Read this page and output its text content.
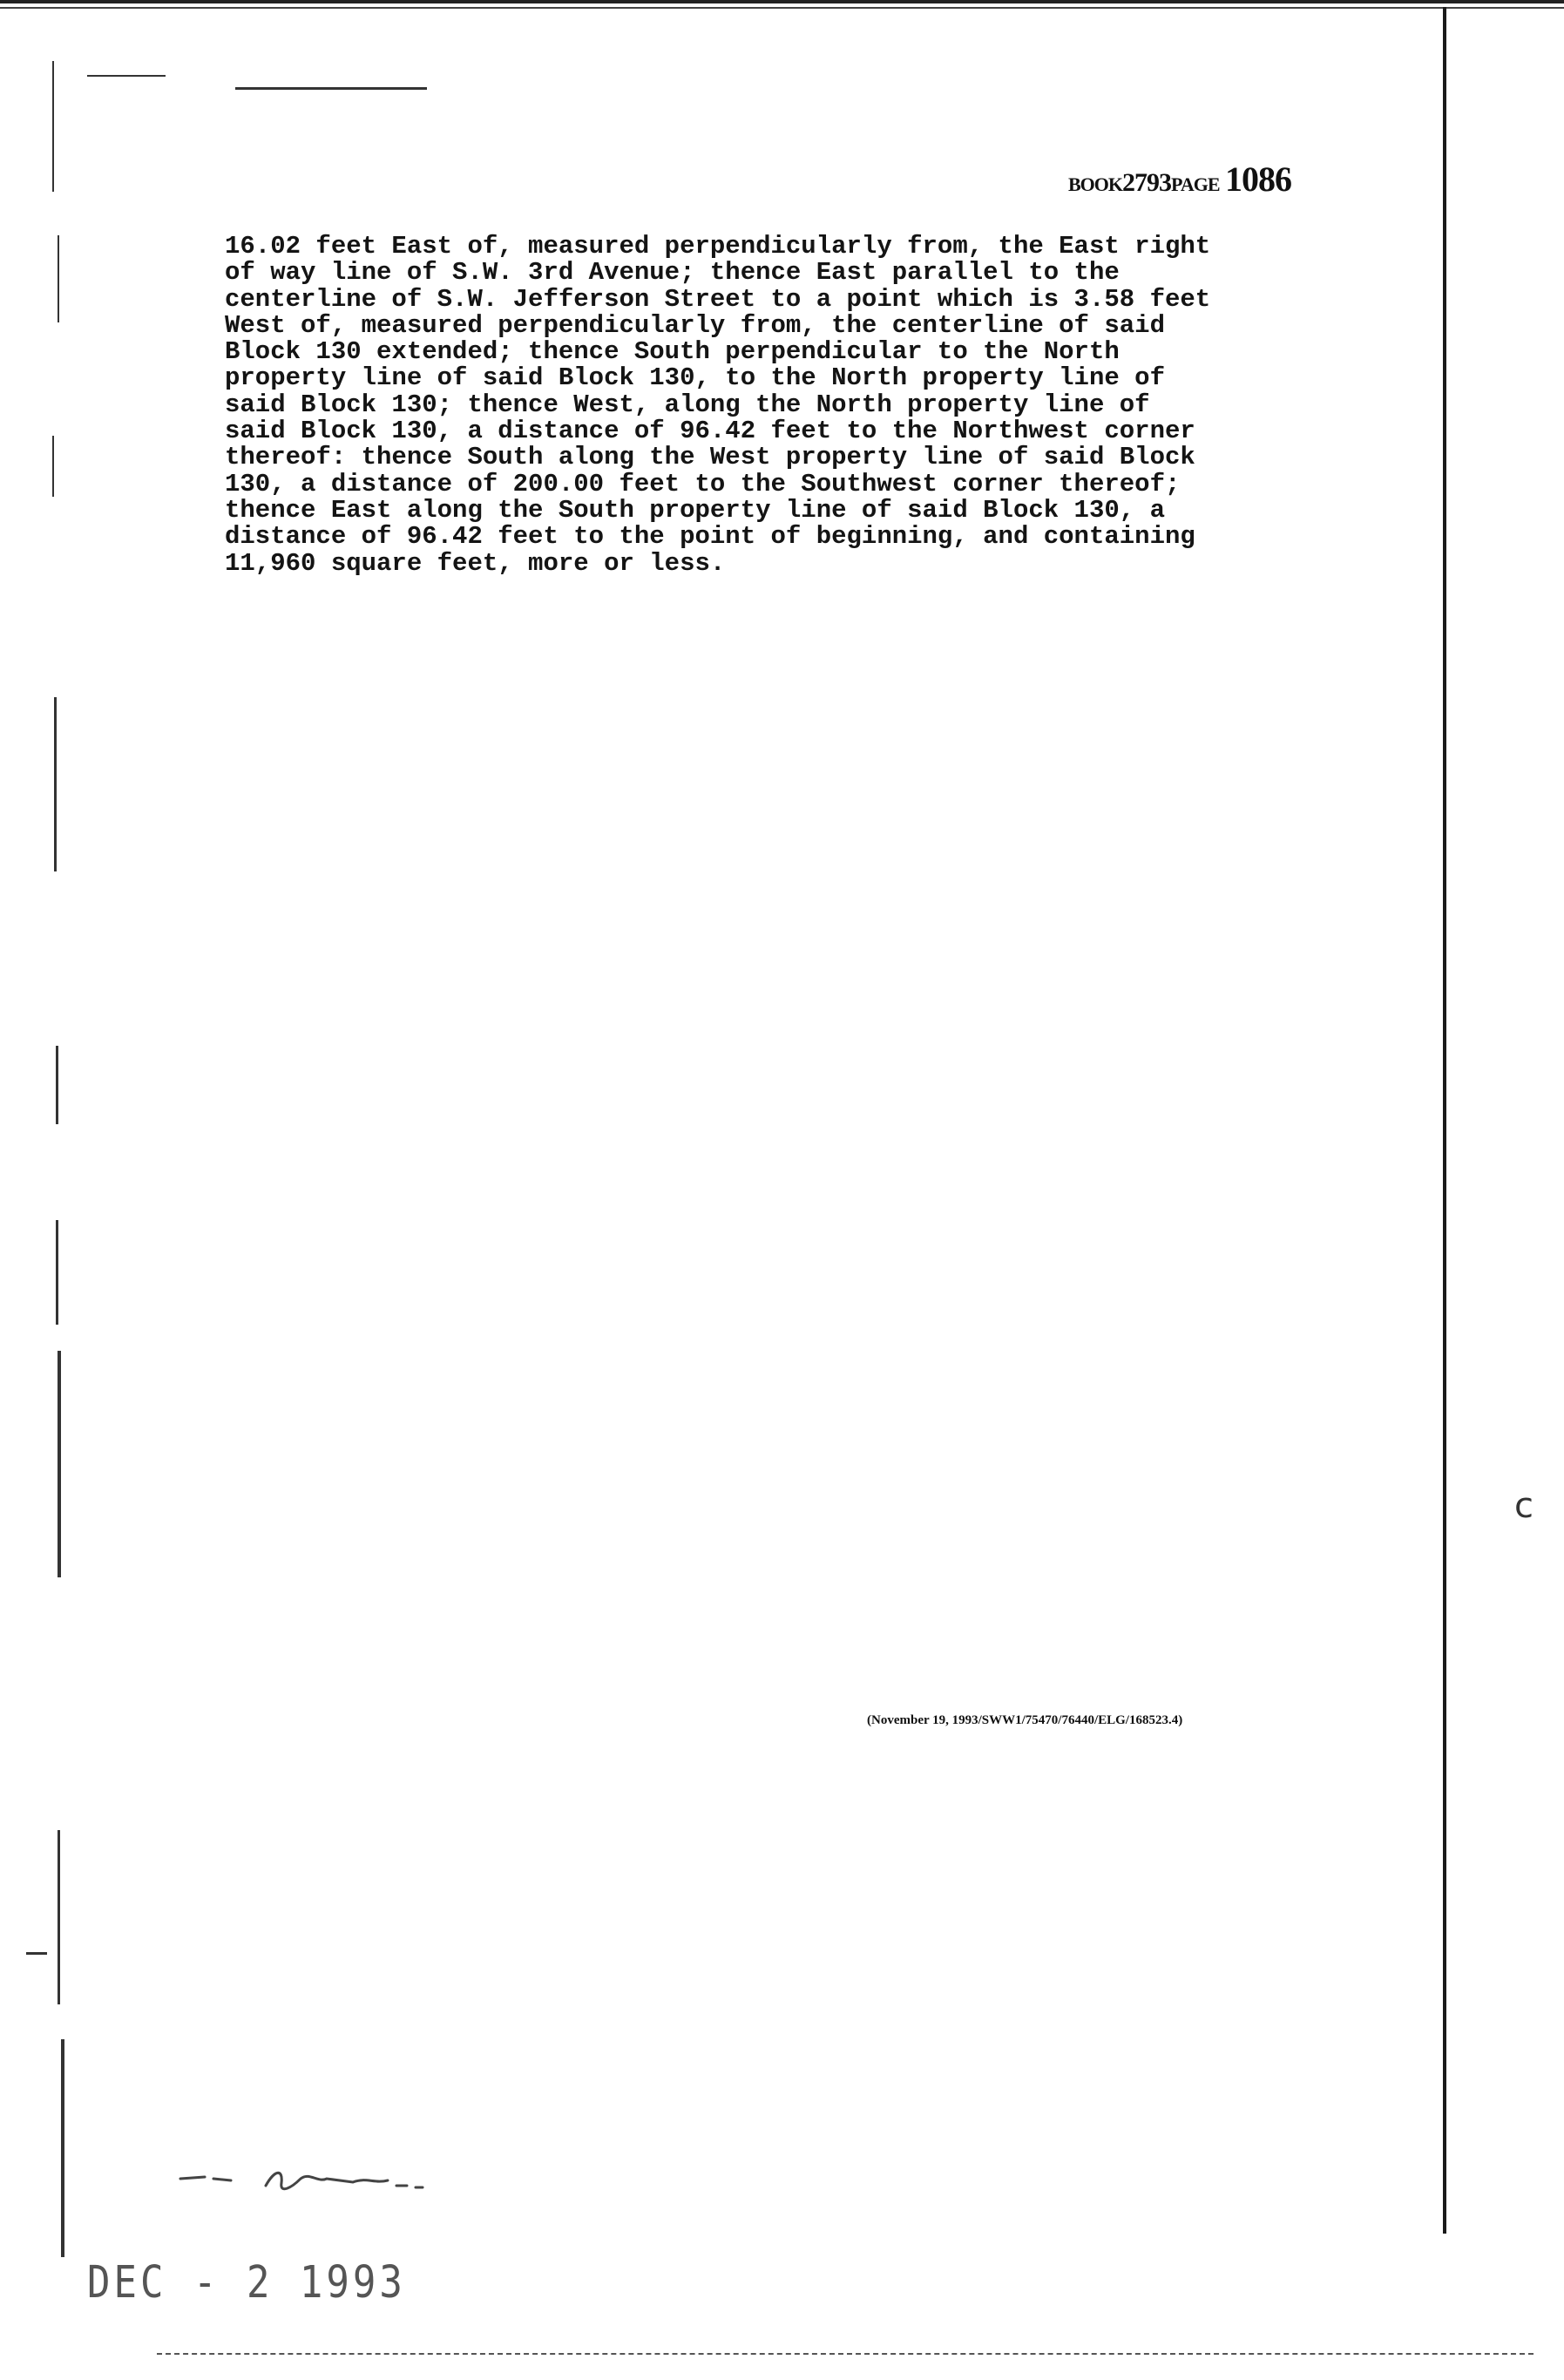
BOOK2793PAGE 1086
16.02 feet East of, measured perpendicularly from, the East right
of way line of S.W. 3rd Avenue; thence East parallel to the
centerline of S.W. Jefferson Street to a point which is 3.58 feet
West of, measured perpendicularly from, the centerline of said
Block 130 extended; thence South perpendicular to the North
property line of said Block 130, to the North property line of
said Block 130; thence West, along the North property line of
said Block 130, a distance of 96.42 feet to the Northwest corner
thereof: thence South along the West property line of said Block
130, a distance of 200.00 feet to the Southwest corner thereof;
thence East along the South property line of said Block 130, a
distance of 96.42 feet to the point of beginning, and containing
11,960 square feet, more or less.
(November 19, 1993/SWW1/75470/76440/ELG/168523.4)
DEC - 2 1993
c
